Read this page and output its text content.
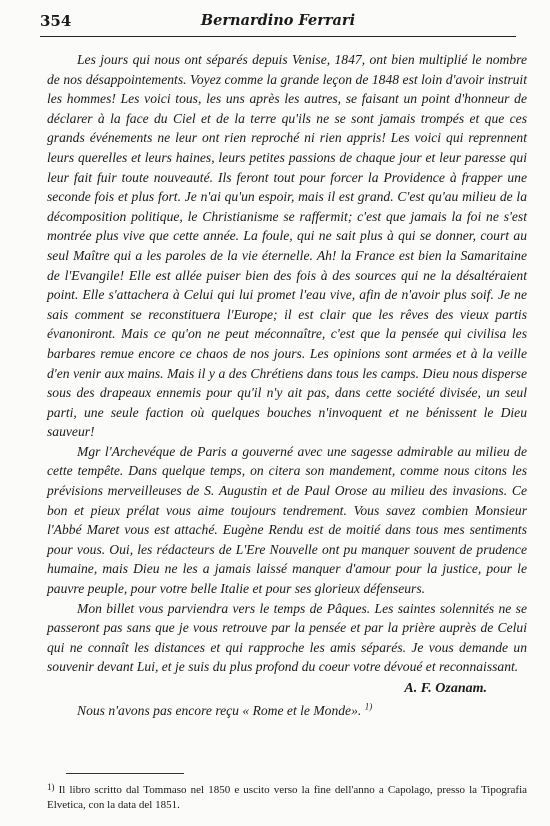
354	Bernardino Ferrari

Les jours qui nous ont séparés depuis Venise, 1847, ont bien multiplié le nombre de nos désappointements. Voyez comme la grande leçon de 1848 est loin d'avoir instruit les hommes! Les voici tous, les uns après les autres, se faisant un point d'honneur de déclarer à la face du Ciel et de la terre qu'ils ne se sont jamais trompés et que ces grands événements ne leur ont rien reproché ni rien appris! Les voici qui reprennent leurs querelles et leurs haines, leurs petites passions de chaque jour et leur paresse qui leur fait fuir toute nouveauté. Ils feront tout pour forcer la Providence à frapper une seconde fois et plus fort. Je n'ai qu'un espoir, mais il est grand. C'est qu'au milieu de la décomposition politique, le Christianisme se raffermit; c'est que jamais la foi ne s'est montrée plus vive que cette année. La foule, qui ne sait plus à qui se donner, court au seul Maître qui a les paroles de la vie éternelle. Ah! la France est bien la Samaritaine de l'Evangile! Elle est allée puiser bien des fois à des sources qui ne la désaltéraient point. Elle s'attachera à Celui qui lui promet l'eau vive, afin de n'avoir plus soif. Je ne sais comment se reconstituera l'Europe; il est clair que les rêves des vieux partis évanoniront. Mais ce qu'on ne peut méconnaître, c'est que la pensée qui civilisa les barbares remue encore ce chaos de nos jours. Les opinions sont armées et à la veille d'en venir aux mains. Mais il y a des Chrétiens dans tous les camps. Dieu nous disperse sous des drapeaux ennemis pour qu'il n'y ait pas, dans cette société divisée, un seul parti, une seule faction où quelques bouches n'invoquent et ne bénissent le Dieu sauveur!

Mgr l'Archevéque de Paris a gouverné avec une sagesse admirable au milieu de cette tempête. Dans quelque temps, on citera son mandement, comme nous citons les prévisions merveilleuses de S. Augustin et de Paul Orose au milieu des invasions. Ce bon et pieux prélat vous aime toujours tendrement. Vous savez combien Monsieur l'Abbé Maret vous est attaché. Eugène Rendu est de moitié dans tous mes sentiments pour vous. Oui, les rédacteurs de L'Ere Nouvelle ont pu manquer souvent de prudence humaine, mais Dieu ne les a jamais laissé manquer d'amour pour la justice, pour le pauvre peuple, pour votre belle Italie et pour ses glorieux défenseurs.

Mon billet vous parviendra vers le temps de Pâques. Les saintes solennités ne se passeront pas sans que je vous retrouve par la pensée et par la prière auprès de Celui qui ne connaît les distances et qui rapproche les amis séparés. Je vous demande un souvenir devant Lui, et je suis du plus profond du coeur votre dévoué et reconnaissant.

A. F. Ozanam.

Nous n'avons pas encore reçu « Rome et le Monde». $^{1)}$

$^{1)}$ Il libro scritto dal Tommaso nel 1850 e uscito verso la fine dell'anno a Capolago, presso la Tipografia Elvetica, con la data del 1851.
